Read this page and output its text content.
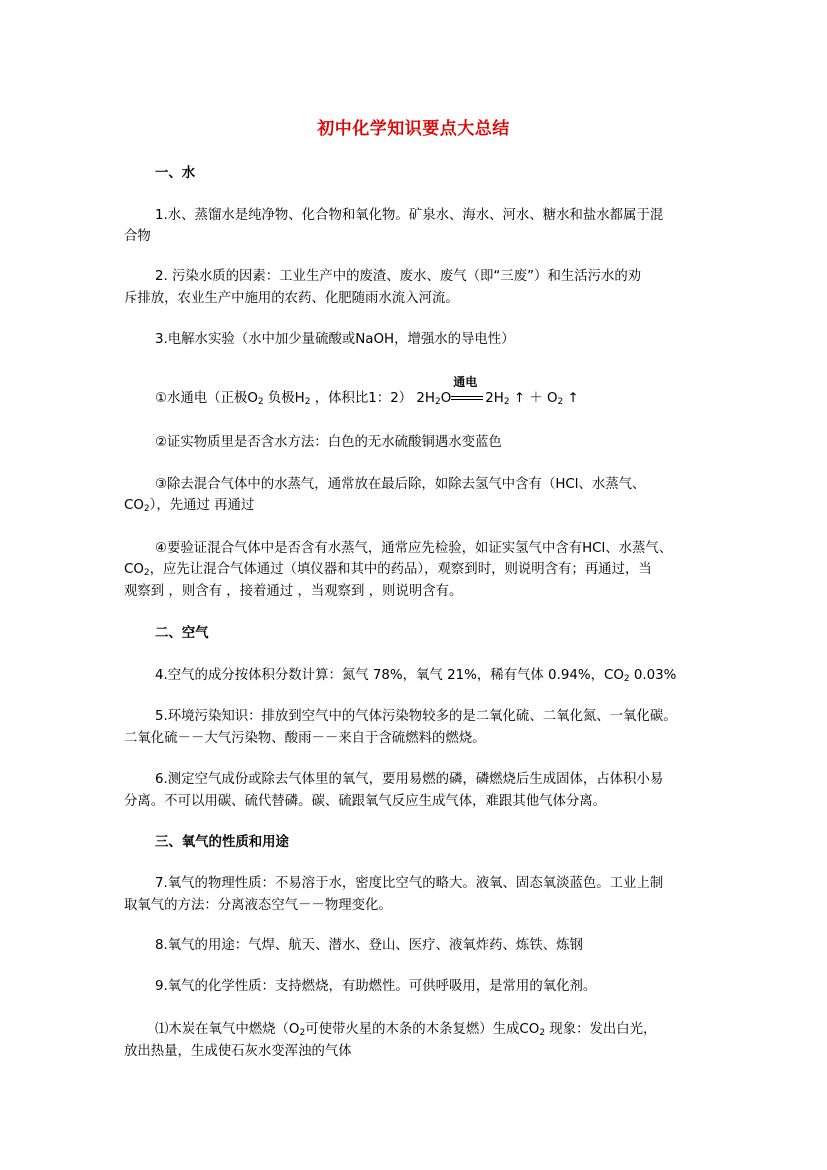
初中化学知识要点大总结
一、水
1.水、蒸馏水是纯净物、化合物和氧化物。矿泉水、海水、河水、糖水和盐水都属于混
合物
2. 污染水质的因素：工业生产中的废渣、废水、废气（即“三废”）和生活污水的劝
斥排放，农业生产中施用的农药、化肥随雨水流入河流。
3.电解水实验（水中加少量硫酸或NaOH，增强水的导电性）
①水通电（正极$O_2$ 负极$H_2$ ，体积比1：2） $2H_2O$
通电
$2H_2$ ↑ ＋ $O_2$ ↑
②证实物质里是否含水方法：白色的无水硫酸铜遇水变蓝色
③除去混合气体中的水蒸气，通常放在最后除，如除去氢气中含有（HCl、水蒸气、
$CO_2$），先通过 再通过
④要验证混合气体中是否含有水蒸气，通常应先检验，如证实氢气中含有HCl、水蒸气、
$CO_2$，应先让混合气体通过（填仪器和其中的药品），观察到时，则说明含有；再通过，当
观察到 ，则含有 ，接着通过 ，当观察到 ，则说明含有。
二、空气
4.空气的成分按体积分数计算：氮气 78%，氧气 21%，稀有气体 0.94%，$CO_2$ 0.03%
5.环境污染知识：排放到空气中的气体污染物较多的是二氧化硫、二氧化氮、一氧化碳。
二氧化硫－－大气污染物、酸雨－－来自于含硫燃料的燃烧。
6.测定空气成份或除去气体里的氧气，要用易燃的磷，磷燃烧后生成固体，占体积小易
分离。不可以用碳、硫代替磷。碳、硫跟氧气反应生成气体，难跟其他气体分离。
三、氧气的性质和用途
7.氧气的物理性质：不易溶于水，密度比空气的略大。液氧、固态氧淡蓝色。工业上制
取氧气的方法：分离液态空气－－物理变化。
8.氧气的用途：气焊、航天、潜水、登山、医疗、液氧炸药、炼铁、炼钢
9.氧气的化学性质：支持燃烧，有助燃性。可供呼吸用，是常用的氧化剂。
⑴木炭在氧气中燃烧（$O_2$可使带火星的木条的木条复燃）生成$CO_2$ 现象：发出白光，
放出热量，生成使石灰水变浑浊的气体
